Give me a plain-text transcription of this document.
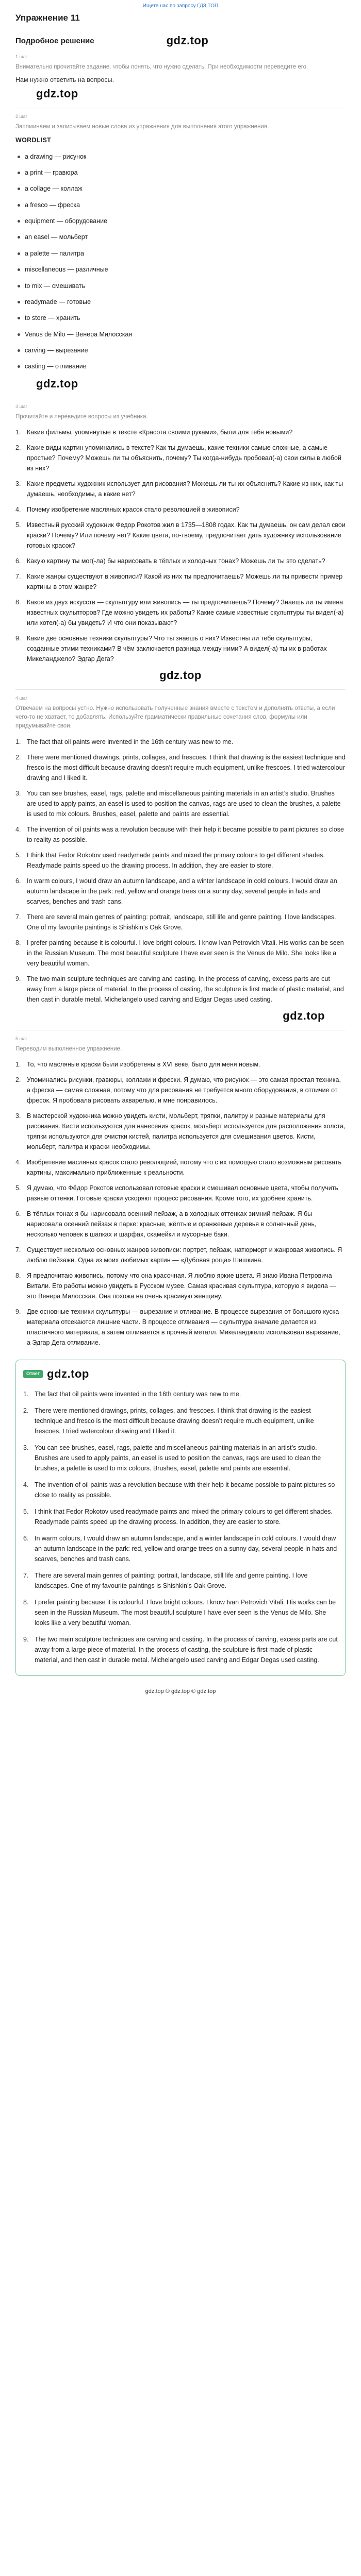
Ищете нас по запросу ГДЗ ТОП
Упражнение 11
Подробное решение	gdz.top
1 шаг
Внимательно прочитайте задание, чтобы понять, что нужно сделать. При необходимости переведите его.
Нам нужно ответить на вопросы.
gdz.top
2 шаг
Запоминаем и записываем новые слова из упражнения для выполнения этого упражнения.
WORDLIST
a drawing — рисунок
a print — гравюра
a collage — коллаж
a fresco — фреска
equipment — оборудование
an easel — мольберт
a palette — палитра
miscellaneous — различные
to mix — смешивать
readymade — готовые
to store — хранить
Venus de Milo — Венера Милосская
carving — вырезание
casting — отливание
gdz.top
3 шаг
Прочитайте и переведите вопросы из учебника.
1. Какие фильмы, упомянутые в тексте «Красота своими руками», были для тебя новыми?
2. Какие виды картин упоминались в тексте? Как ты думаешь, какие техники самые сложные, а самые простые? Почему? Можешь ли ты объяснить, почему? Ты когда-нибудь пробовал(-а) свои силы в любой из них?
3. Какие предметы художник использует для рисования? Можешь ли ты их объяснить? Какие из них, как ты думаешь, необходимы, а какие нет?
4. Почему изобретение масляных красок стало революцией в живописи?
5. Известный русский художник Федор Рокотов жил в 1735—1808 годах. Как ты думаешь, он сам делал свои краски? Почему? Или почему нет? Какие цвета, по-твоему, предпочитает дать художнику использование готовых красок?
6. Какую картину ты мог(-ла) бы нарисовать в тёплых и холодных тонах? Можешь ли ты это сделать?
7. Какие жанры существуют в живописи? Какой из них ты предпочитаешь? Можешь ли ты привести пример картины в этом жанре?
8. Какое из двух искусств — скульптуру или живопись — ты предпочитаешь? Почему? Знаешь ли ты имена известных скульпторов? Где можно увидеть их работы? Какие самые известные скульптуры ты видел(-а) или хотел(-а) бы увидеть? И что они показывают?
9. Какие две основные техники скульптуры? Что ты знаешь о них? Известны ли тебе скульптуры, созданные этими техниками? В чём заключается разница между ними? А видел(-а) ты их в работах Микеланджело? Эдгар Дега?
gdz.top
4 шаг
Отвечаем на вопросы устно. Нужно использовать полученные знания вместе с текстом и дополнять ответы, а если чего-то не хватает, то добавлять. Используйте грамматически правильные сочетания слов, формулы или придумывайте свои.
1. The fact that oil paints were invented in the 16th century was new to me.
2. There were mentioned drawings, prints, collages, and frescoes. I think that drawing is the easiest technique and fresco is the most difficult because drawing doesn’t require much equipment, unlike frescoes. I tried watercolour drawing and I liked it.
3. You can see brushes, easel, rags, palette and miscellaneous painting materials in an artist’s studio. Brushes are used to apply paints, an easel is used to position the canvas, rags are used to clean the brushes, a palette is used to mix colours. Brushes, easel, palette and paints are essential.
4. The invention of oil paints was a revolution because with their help it became possible to paint pictures so close to reality as possible.
5. I think that Fedor Rokotov used readymade paints and mixed the primary colours to get different shades. Readymade paints speed up the drawing process. In addition, they are easier to store.
6. In warm colours, I would draw an autumn landscape, and a winter landscape in cold colours. I would draw an autumn landscape in the park: red, yellow and orange trees on a sunny day, several people in hats and scarves, benches and trash cans.
7. There are several main genres of painting: portrait, landscape, still life and genre painting. I love landscapes. One of my favourite paintings is Shishkin’s Oak Grove.
8. I prefer painting because it is colourful. I love bright colours. I know Ivan Petrovich Vitali. His works can be seen in the Russian Museum. The most beautiful sculpture I have ever seen is the Venus de Milo. She looks like a very beautiful woman.
9. The two main sculpture techniques are carving and casting. In the process of carving, excess parts are cut away from a large piece of material. In the process of casting, the sculpture is first made of plastic material, and then cast in durable metal. Michelangelo used carving and Edgar Degas used casting.
gdz.top
5 шаг
Переводим выполненное упражнение.
1. То, что масляные краски были изобретены в XVI веке, было для меня новым.
2. Упоминались рисунки, гравюры, коллажи и фрески. Я думаю, что рисунок — это самая простая техника, а фреска — самая сложная, потому что для рисования не требуется много оборудования, в отличие от фресок. Я пробовала рисовать акварелью, и мне понравилось.
3. В мастерской художника можно увидеть кисти, мольберт, тряпки, палитру и разные материалы для рисования. Кисти используются для нанесения красок, мольберт используется для расположения холста, тряпки используются для очистки кистей, палитра используется для смешивания цветов. Кисти, мольберт, палитра и краски необходимы.
4. Изобретение масляных красок стало революцией, потому что с их помощью стало возможным рисовать картины, максимально приближенные к реальности.
5. Я думаю, что Фёдор Рокотов использовал готовые краски и смешивал основные цвета, чтобы получить разные оттенки. Готовые краски ускоряют процесс рисования. Кроме того, их удобнее хранить.
6. В тёплых тонах я бы нарисовала осенний пейзаж, а в холодных оттенках зимний пейзаж. Я бы нарисовала осенний пейзаж в парке: красные, жёлтые и оранжевые деревья в солнечный день, несколько человек в шапках и шарфах, скамейки и мусорные баки.
7. Существует несколько основных жанров живописи: портрет, пейзаж, натюрморт и жанровая живопись. Я люблю пейзажи. Одна из моих любимых картин — «Дубовая роща» Шишкина.
8. Я предпочитаю живопись, потому что она красочная. Я люблю яркие цвета. Я знаю Ивана Петровича Витали. Его работы можно увидеть в Русском музее. Самая красивая скульптура, которую я видела — это Венера Милосская. Она похожа на очень красивую женщину.
9. Две основные техники скульптуры — вырезание и отливание. В процессе вырезания от большого куска материала отсекаются лишние части. В процессе отливания — скульптура вначале делается из пластичного материала, а затем отливается в прочный металл. Микеланджело использовал вырезание, а Эдгар Дега отливание.
Ответ gdz.top
1. The fact that oil paints were invented in the 16th century was new to me.
2. There were mentioned drawings, prints, collages, and frescoes. I think that drawing is the easiest technique and fresco is the most difficult because drawing doesn’t require much equipment, unlike frescoes. I tried watercolour drawing and I liked it.
3. You can see brushes, easel, rags, palette and miscellaneous painting materials in an artist’s studio. Brushes are used to apply paints, an easel is used to position the canvas, rags are used to clean the brushes, a palette is used to mix colours. Brushes, easel, palette and paints are essential.
4. The invention of oil paints was a revolution because with their help it became possible to paint pictures so close to reality as possible.
5. I think that Fedor Rokotov used readymade paints and mixed the primary colours to get different shades. Readymade paints speed up the drawing process. In addition, they are easier to store.
6. In warm colours, I would draw an autumn landscape, and a winter landscape in cold colours. I would draw an autumn landscape in the park: red, yellow and orange trees on a sunny day, several people in hats and scarves, benches and trash cans.
7. There are several main genres of painting: portrait, landscape, still life and genre painting. I love landscapes. One of my favourite paintings is Shishkin’s Oak Grove.
8. I prefer painting because it is colourful. I love bright colours. I know Ivan Petrovich Vitali. His works can be seen in the Russian Museum. The most beautiful sculpture I have ever seen is the Venus de Milo. She looks like a very beautiful woman.
9. The two main sculpture techniques are carving and casting. In the process of carving, excess parts are cut away from a large piece of material. In the process of casting, the sculpture is first made of plastic material, and then cast in durable metal. Michelangelo used carving and Edgar Degas used casting.
gdz.top © gdz.top © gdz.top
